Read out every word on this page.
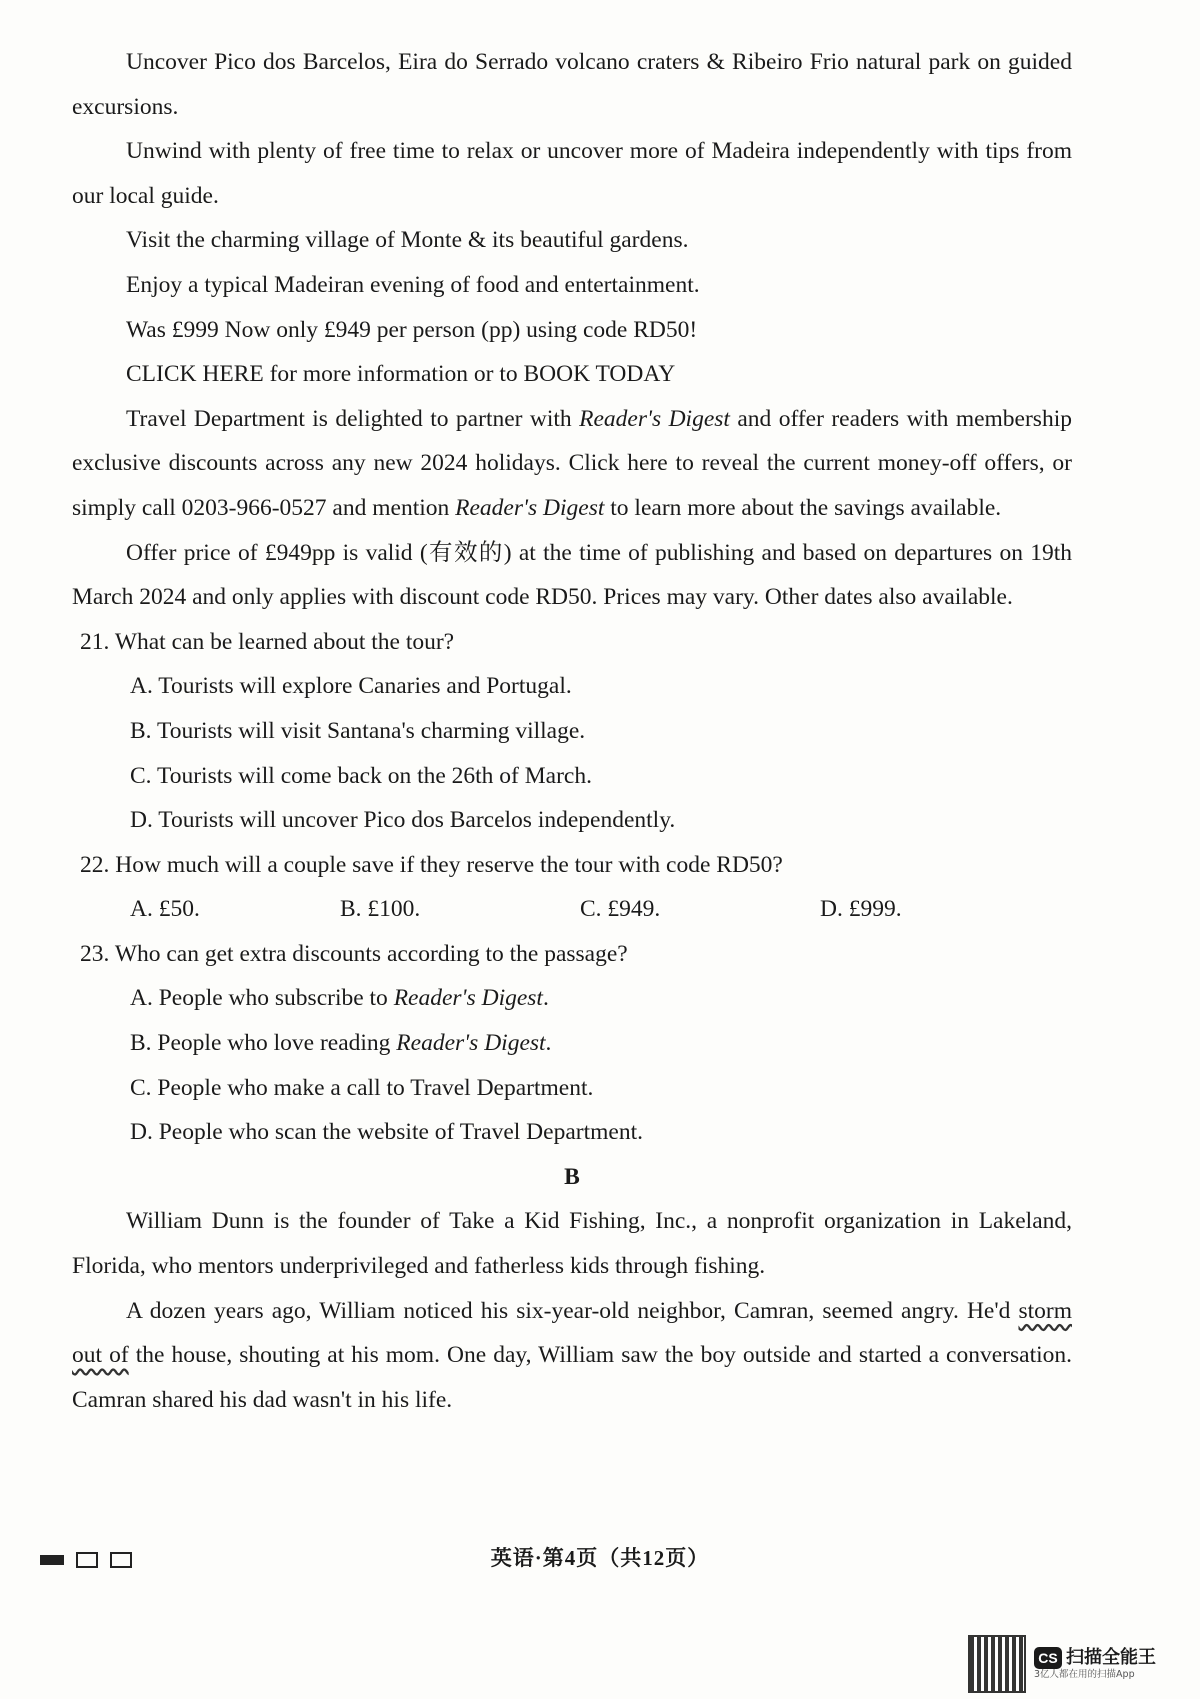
Uncover Pico dos Barcelos, Eira do Serrado volcano craters & Ribeiro Frio natural park on guided excursions.

Unwind with plenty of free time to relax or uncover more of Madeira independently with tips from our local guide.

Visit the charming village of Monte & its beautiful gardens.

Enjoy a typical Madeiran evening of food and entertainment.

Was £999 Now only £949 per person (pp) using code RD50!

CLICK HERE for more information or to BOOK TODAY

Travel Department is delighted to partner with Reader's Digest and offer readers with membership exclusive discounts across any new 2024 holidays. Click here to reveal the current money-off offers, or simply call 0203-966-0527 and mention Reader's Digest to learn more about the savings available.

Offer price of £949pp is valid (有效的) at the time of publishing and based on departures on 19th March 2024 and only applies with discount code RD50. Prices may vary. Other dates also available.

21. What can be learned about the tour?

A. Tourists will explore Canaries and Portugal.

B. Tourists will visit Santana's charming village.

C. Tourists will come back on the 26th of March.

D. Tourists will uncover Pico dos Barcelos independently.

22. How much will a couple save if they reserve the tour with code RD50?

A. £50.	B. £100.	C. £949.	D. £999.

23. Who can get extra discounts according to the passage?

A. People who subscribe to Reader's Digest.

B. People who love reading Reader's Digest.

C. People who make a call to Travel Department.

D. People who scan the website of Travel Department.

B

William Dunn is the founder of Take a Kid Fishing, Inc., a nonprofit organization in Lakeland, Florida, who mentors underprivileged and fatherless kids through fishing.

A dozen years ago, William noticed his six-year-old neighbor, Camran, seemed angry. He'd storm out of the house, shouting at his mom. One day, William saw the boy outside and started a conversation. Camran shared his dad wasn't in his life.

英语·第4页（共12页）
CS 扫描全能王
3亿人都在用的扫描App
